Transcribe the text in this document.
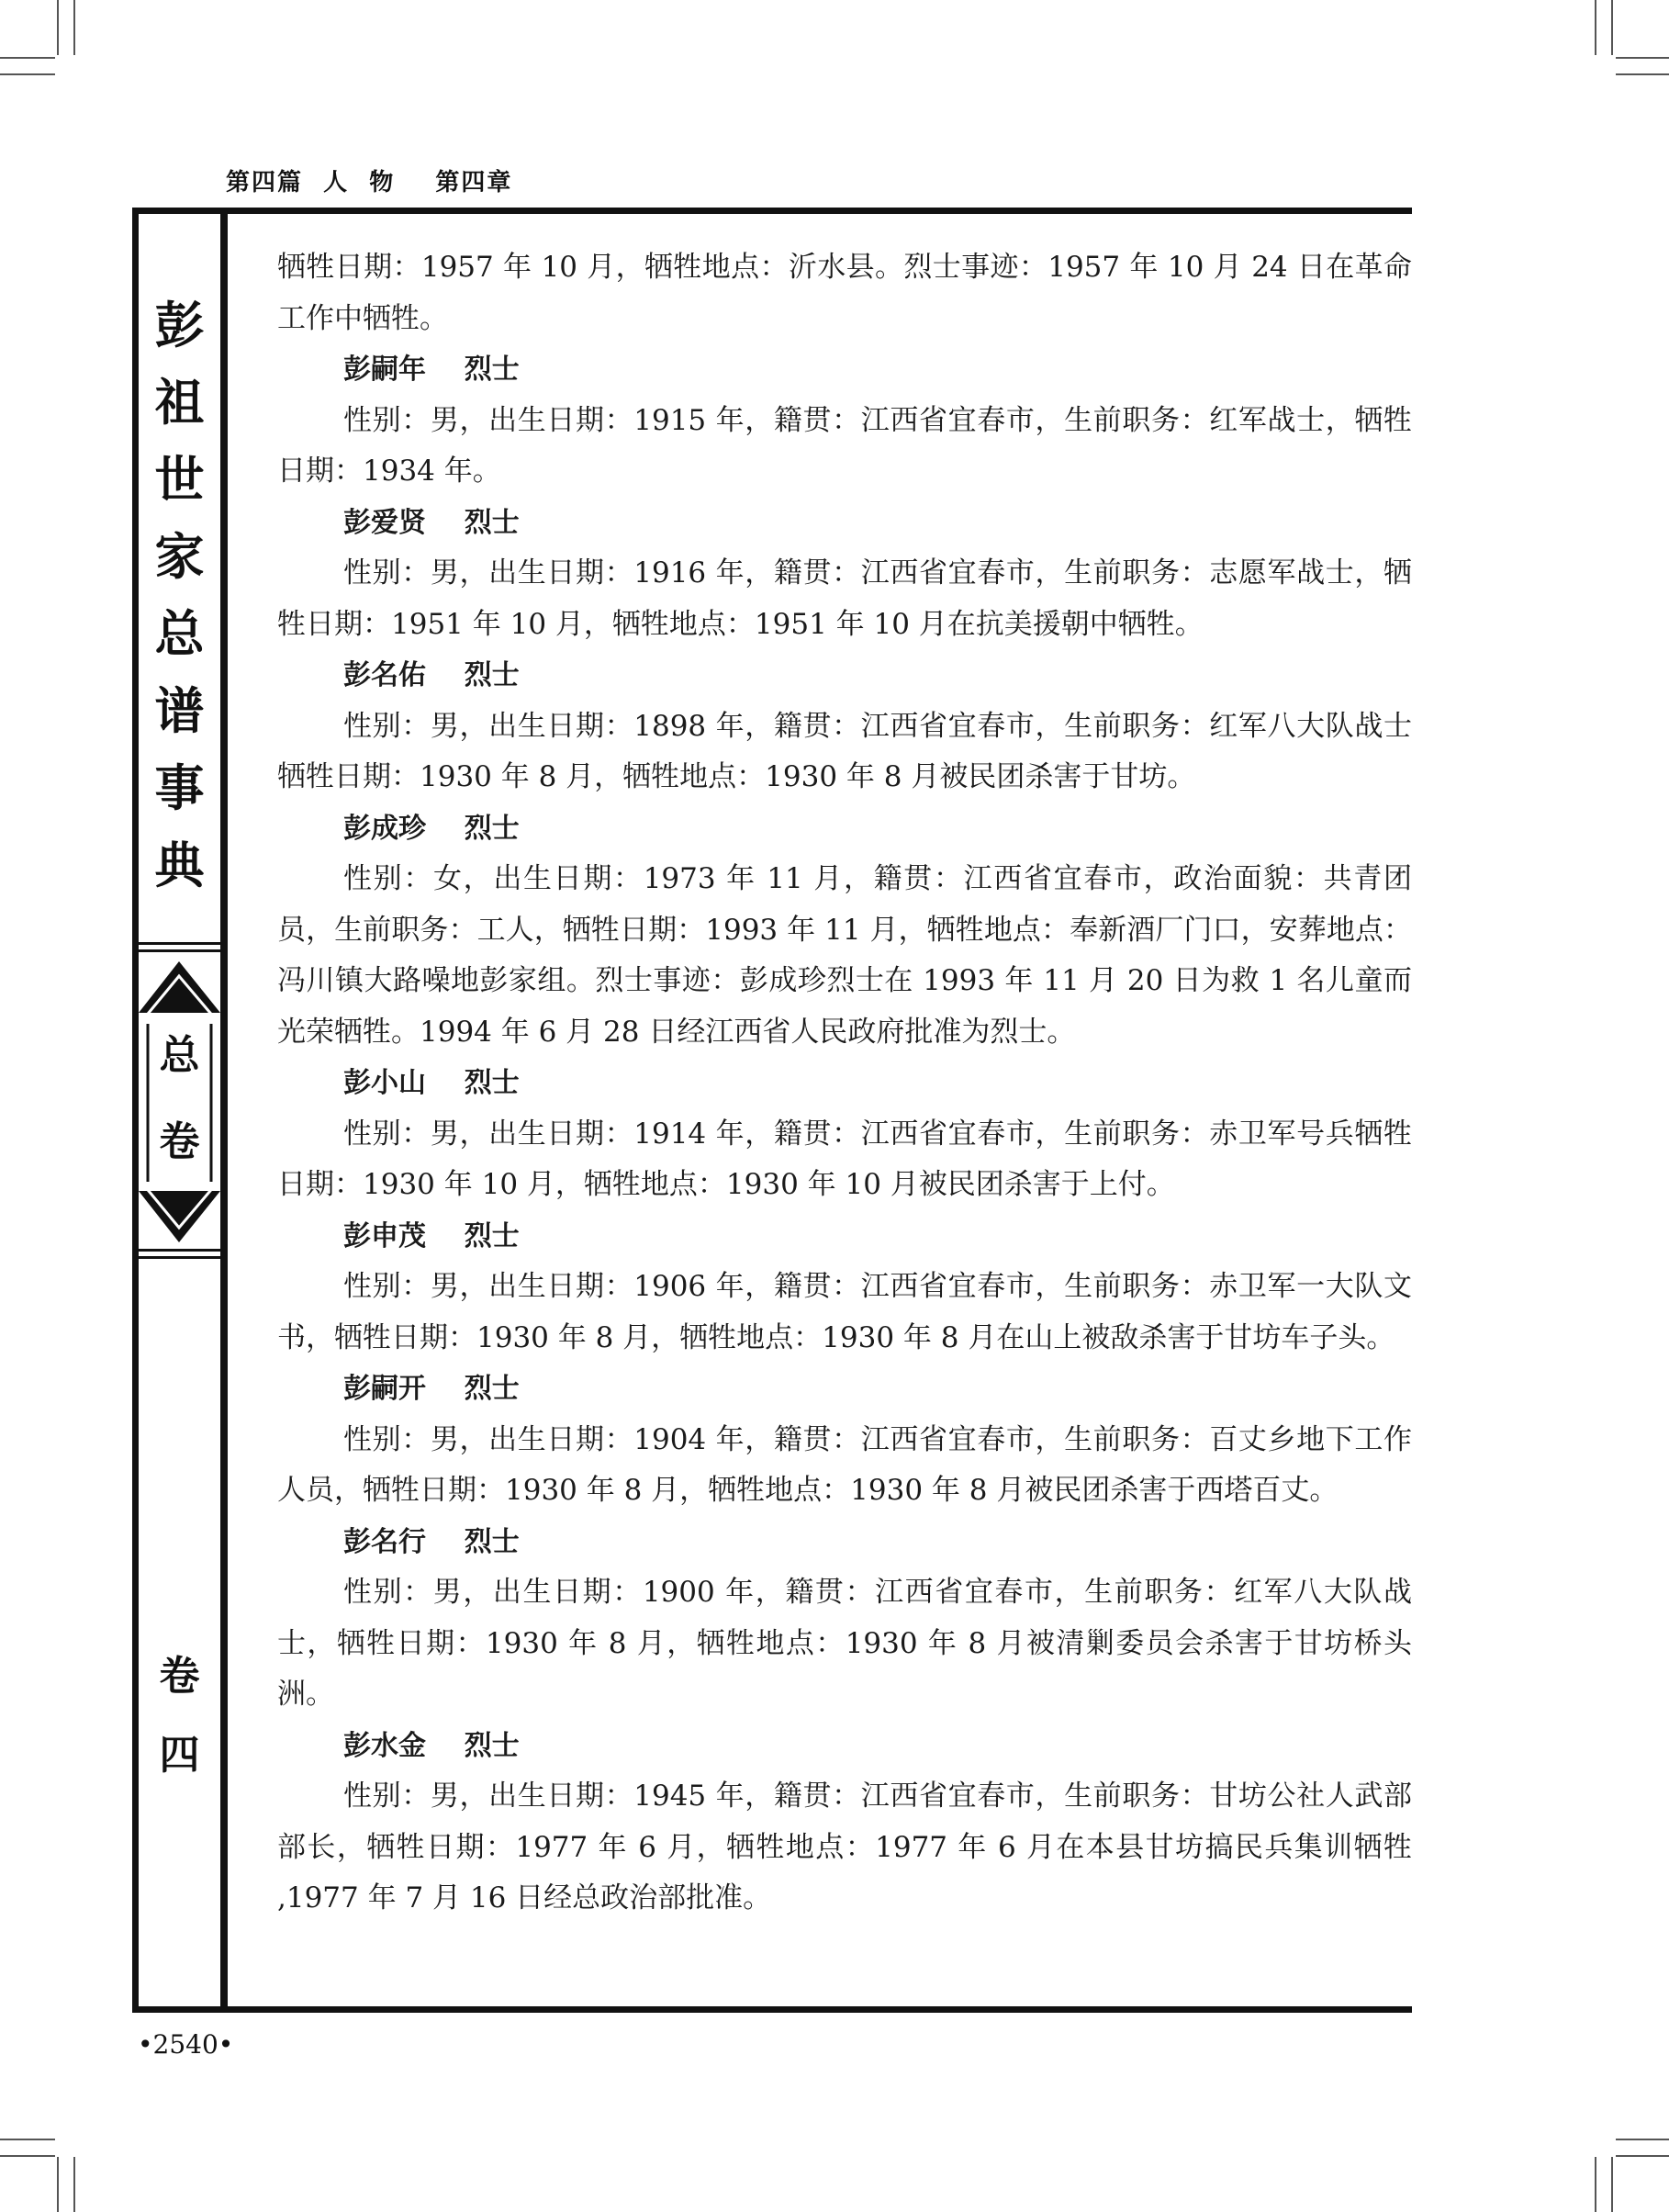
第四篇  人  物    第四章
彭
祖
世
家
总
谱
事
典
总
卷
卷
四

牺牲日期：1957 年 10 月，牺牲地点：沂水县。烈士事迹：1957 年 10 月 24 日在革命工作中牺牲。

彭嗣年    烈士

性别：男，出生日期：1915 年，籍贯：江西省宜春市，生前职务：红军战士，牺牲日期：1934 年。

彭爱贤    烈士

性别：男，出生日期：1916 年，籍贯：江西省宜春市，生前职务：志愿军战士，牺牲日期：1951 年 10 月，牺牲地点：1951 年 10 月在抗美援朝中牺牲。

彭名佑    烈士

性别：男，出生日期：1898 年，籍贯：江西省宜春市，生前职务：红军八大队战士 牺牲日期：1930 年 8 月，牺牲地点：1930 年 8 月被民团杀害于甘坊。

彭成珍    烈士

性别：女，出生日期：1973 年 11 月，籍贯：江西省宜春市，政治面貌：共青团员，生前职务：工人，牺牲日期：1993 年 11 月，牺牲地点：奉新酒厂门口，安葬地点：冯川镇大路噪地彭家组。烈士事迹：彭成珍烈士在 1993 年 11 月 20 日为救 1 名儿童而光荣牺牲。1994 年 6 月 28 日经江西省人民政府批准为烈士。

彭小山    烈士

性别：男，出生日期：1914 年，籍贯：江西省宜春市，生前职务：赤卫军号兵牺牲日期：1930 年 10 月，牺牲地点：1930 年 10 月被民团杀害于上付。

彭申茂    烈士

性别：男，出生日期：1906 年，籍贯：江西省宜春市，生前职务：赤卫军一大队文书，牺牲日期：1930 年 8 月，牺牲地点：1930 年 8 月在山上被敌杀害于甘坊车子头。

彭嗣开    烈士

性别：男，出生日期：1904 年，籍贯：江西省宜春市，生前职务：百丈乡地下工作人员，牺牲日期：1930 年 8 月，牺牲地点：1930 年 8 月被民团杀害于西塔百丈。

彭名行    烈士

性别：男，出生日期：1900 年，籍贯：江西省宜春市，生前职务：红军八大队战士，牺牲日期：1930 年 8 月，牺牲地点：1930 年 8 月被清剿委员会杀害于甘坊桥头洲。

彭水金    烈士

性别：男，出生日期：1945 年，籍贯：江西省宜春市，生前职务：甘坊公社人武部部长，牺牲日期：1977 年 6 月，牺牲地点：1977 年 6 月在本县甘坊搞民兵集训牺牲 ,1977 年 7 月 16 日经总政治部批准。

•2540•
